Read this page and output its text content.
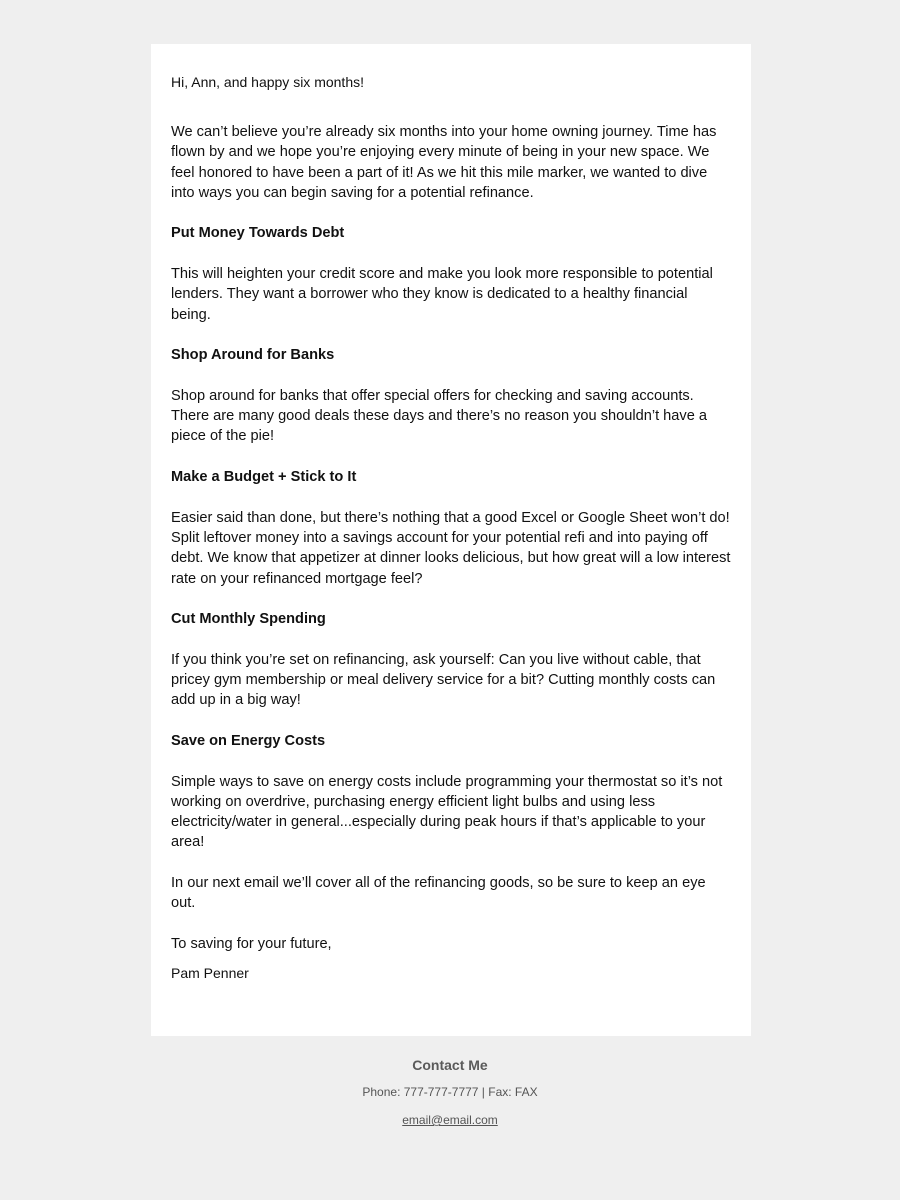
Hi, Ann, and happy six months!

We can’t believe you’re already six months into your home owning journey. Time has flown by and we hope you’re enjoying every minute of being in your new space. We feel honored to have been a part of it! As we hit this mile marker, we wanted to dive into ways you can begin saving for a potential refinance.

Put Money Towards Debt

This will heighten your credit score and make you look more responsible to potential lenders. They want a borrower who they know is dedicated to a healthy financial being.

Shop Around for Banks

Shop around for banks that offer special offers for checking and saving accounts. There are many good deals these days and there’s no reason you shouldn’t have a piece of the pie!

Make a Budget + Stick to It

Easier said than done, but there’s nothing that a good Excel or Google Sheet won’t do! Split leftover money into a savings account for your potential refi and into paying off debt. We know that appetizer at dinner looks delicious, but how great will a low interest rate on your refinanced mortgage feel?

Cut Monthly Spending

If you think you’re set on refinancing, ask yourself: Can you live without cable, that pricey gym membership or meal delivery service for a bit? Cutting monthly costs can add up in a big way!

Save on Energy Costs

Simple ways to save on energy costs include programming your thermostat so it’s not working on overdrive, purchasing energy efficient light bulbs and using less electricity/water in general...especially during peak hours if that’s applicable to your area!

In our next email we’ll cover all of the refinancing goods, so be sure to keep an eye out.

To saving for your future,

Pam Penner

Contact Me

Phone: 777-777-7777 | Fax: FAX

email@email.com
